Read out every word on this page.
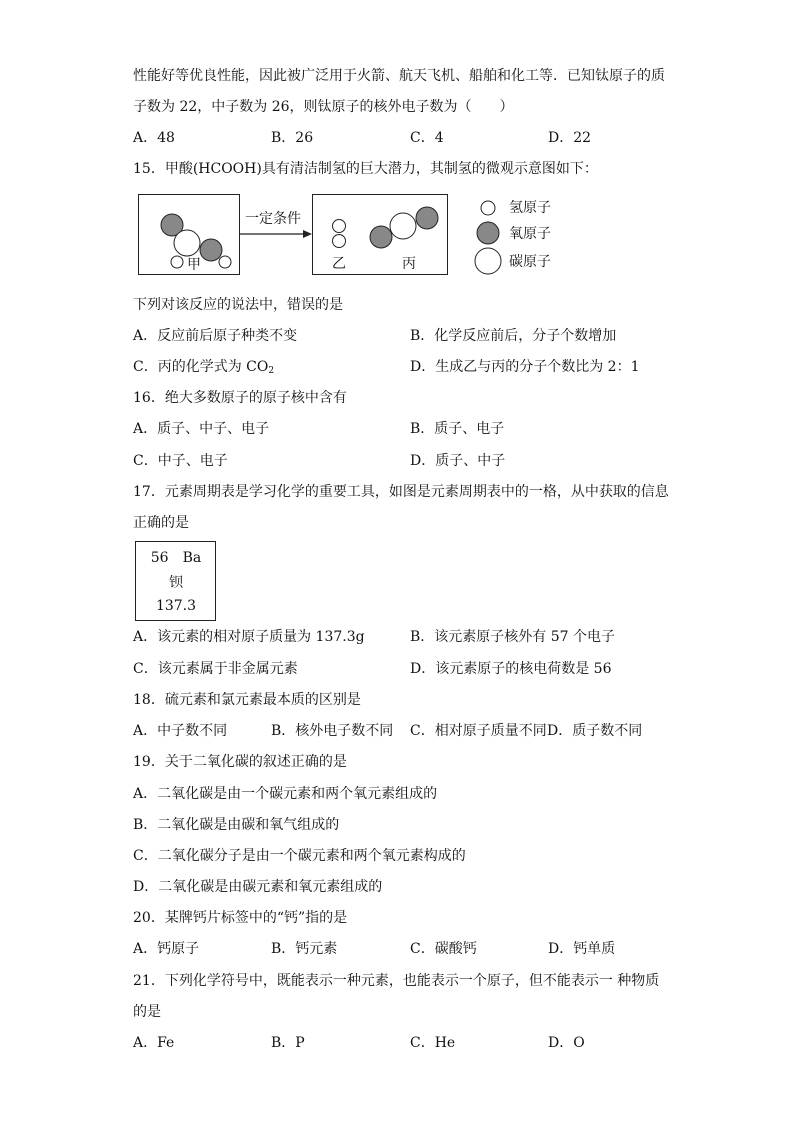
性能好等优良性能，因此被广泛用于火箭、航天飞机、船舶和化工等．已知钛原子的质
子数为 22，中子数为 26，则钛原子的核外电子数为（　　）
A．48	B．26	C．4	D．22
15．甲酸(HCOOH)具有清洁制氢的巨大潜力，其制氢的微观示意图如下：
甲
一定条件
乙	丙
氢原子
氧原子
碳原子
下列对该反应的说法中，错误的是
A．反应前后原子种类不变	B．化学反应前后，分子个数增加
C．丙的化学式为 $CO_2$	D．生成乙与丙的分子个数比为 2：1
16．绝大多数原子的原子核中含有
A．质子、中子、电子	B．质子、电子
C．中子、电子	D．质子、中子
17．元素周期表是学习化学的重要工具，如图是元素周期表中的一格，从中获取的信息
正确的是
56　Ba
钡
137.3
A．该元素的相对原子质量为 137.3g	B．该元素原子核外有 57 个电子
C．该元素属于非金属元素	D．该元素原子的核电荷数是 56
18．硫元素和氯元素最本质的区别是
A．中子数不同	B．核外电子数不同 C．相对原子质量不同 D．质子数不同
19．关于二氧化碳的叙述正确的是
A．二氧化碳是由一个碳元素和两个氧元素组成的
B．二氧化碳是由碳和氧气组成的
C．二氧化碳分子是由一个碳元素和两个氧元素构成的
D．二氧化碳是由碳元素和氧元素组成的
20．某牌钙片标签中的“钙”指的是
A．钙原子	B．钙元素	C．碳酸钙	D．钙单质
21．下列化学符号中，既能表示一种元素，也能表示一个原子，但不能表示一 种物质
的是
A．Fe	B．P	C．He	D．O
